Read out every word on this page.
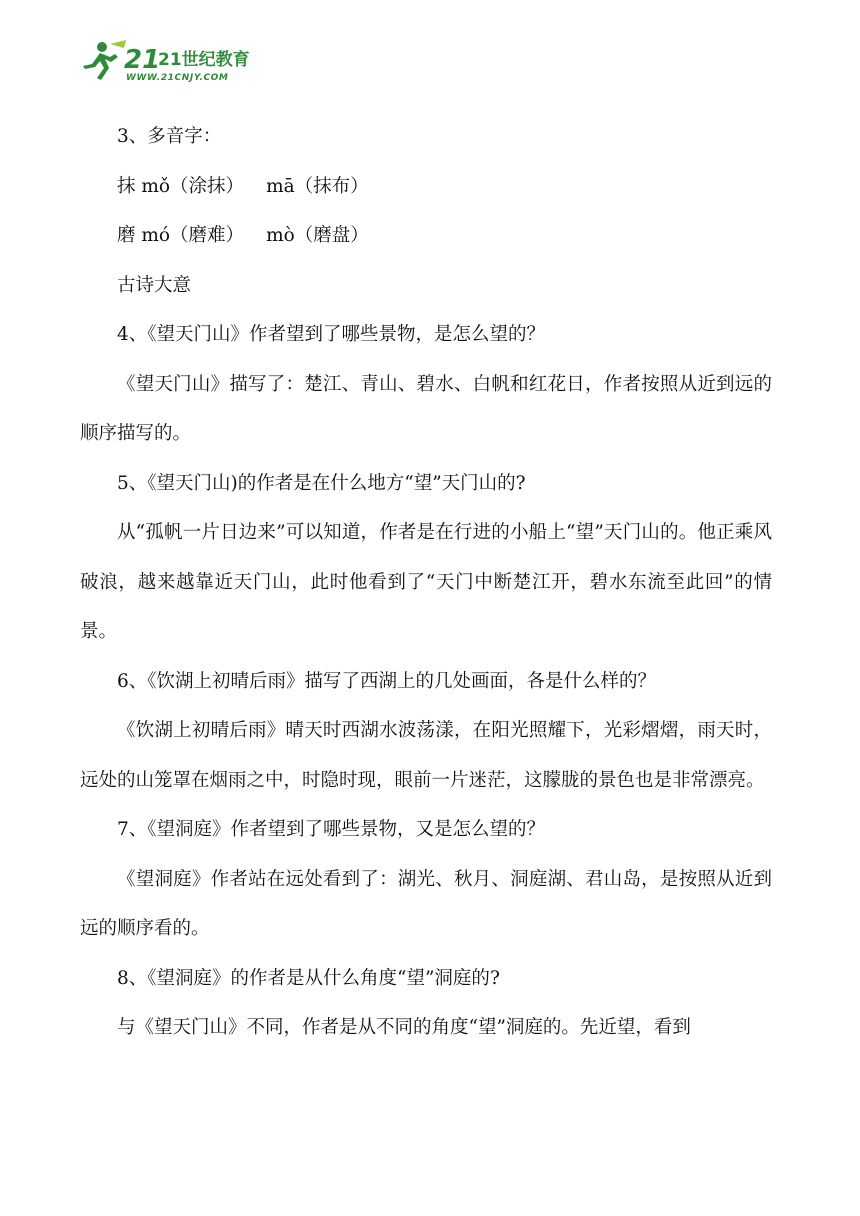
21
21世纪教育
WWW.21CNJY.COM

3、多音字：

抹 mǒ（涂抹） mā（抹布）

磨 mó（磨难） mò（磨盘）

古诗大意

4、《望天门山》作者望到了哪些景物，是怎么望的？

《望天门山》描写了：楚江、青山、碧水、白帆和红花日，作者按照从近到远的顺序描写的。

5、《望天门山)的作者是在什么地方“望”天门山的?

从“孤帆一片日边来”可以知道，作者是在行进的小船上“望”天门山的。他正乘风破浪，越来越靠近天门山，此时他看到了“天门中断楚江开，碧水东流至此回”的情景。

6、《饮湖上初晴后雨》描写了西湖上的几处画面，各是什么样的？

《饮湖上初晴后雨》晴天时西湖水波荡漾，在阳光照耀下，光彩熠熠，雨天时，远处的山笼罩在烟雨之中，时隐时现，眼前一片迷茫，这朦胧的景色也是非常漂亮。

7、《望洞庭》作者望到了哪些景物，又是怎么望的？

《望洞庭》作者站在远处看到了：湖光、秋月、洞庭湖、君山岛，是按照从近到远的顺序看的。

8、《望洞庭》的作者是从什么角度“望”洞庭的?

与《望天门山》不同，作者是从不同的角度“望”洞庭的。先近望，看到
